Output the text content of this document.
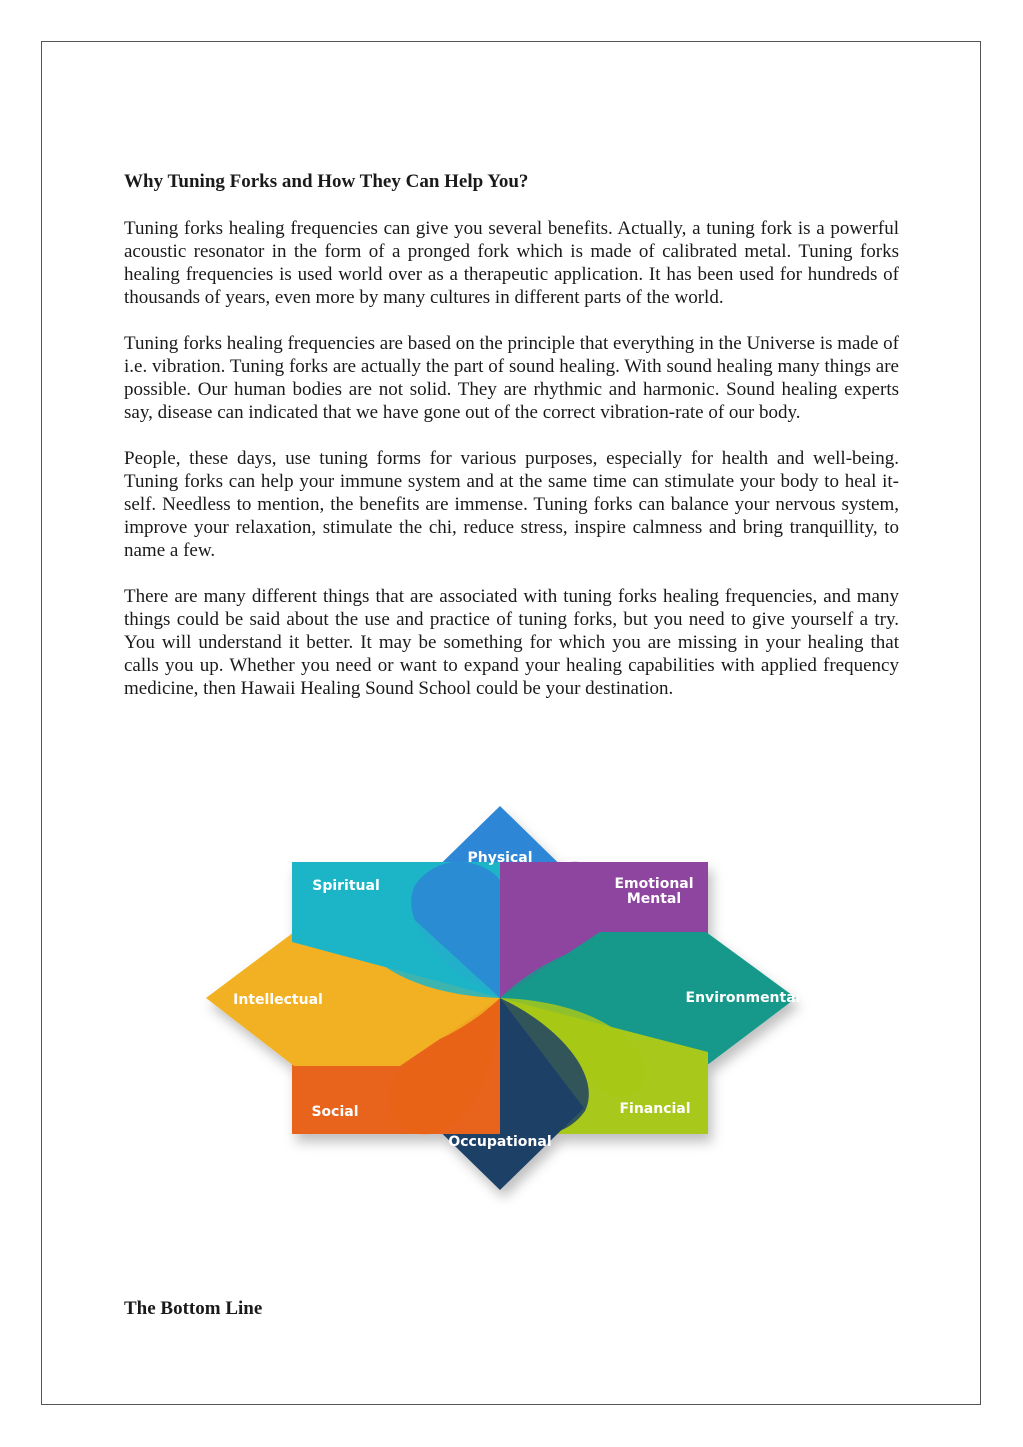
Why Tuning Forks and How They Can Help You?

Tuning forks healing frequencies can give you several benefits. Actually, a tuning fork is a powerful acoustic resonator in the form of a pronged fork which is made of calibrated metal. Tuning forks healing frequencies is used world over as a therapeutic application. It has been used for hundreds of thousands of years, even more by many cultures in different parts of the world.

Tuning forks healing frequencies are based on the principle that everything in the Universe is made of i.e. vibration. Tuning forks are actually the part of sound healing. With sound healing many things are possible. Our human bodies are not solid. They are rhythmic and harmonic. Sound healing experts say, disease can indicated that we have gone out of the correct vibration-rate of our body.

People, these days, use tuning forms for various purposes, especially for health and well-being. Tuning forks can help your immune system and at the same time can stimulate your body to heal it-self. Needless to mention, the benefits are immense. Tuning forks can balance your nervous system, improve your relaxation, stimulate the chi, reduce stress, inspire calmness and bring tranquillity, to name a few.

There are many different things that are associated with tuning forks healing frequencies, and many things could be said about the use and practice of tuning forks, but you need to give yourself a try. You will understand it better. It may be something for which you are missing in your healing that calls you up. Whether you need or want to expand your healing capabilities with applied frequency medicine, then Hawaii Healing Sound School could be your destination.

Physical
Emotional
Mental
Environmental
Financial
Occupational
Social
Intellectual
Spiritual

The Bottom Line
